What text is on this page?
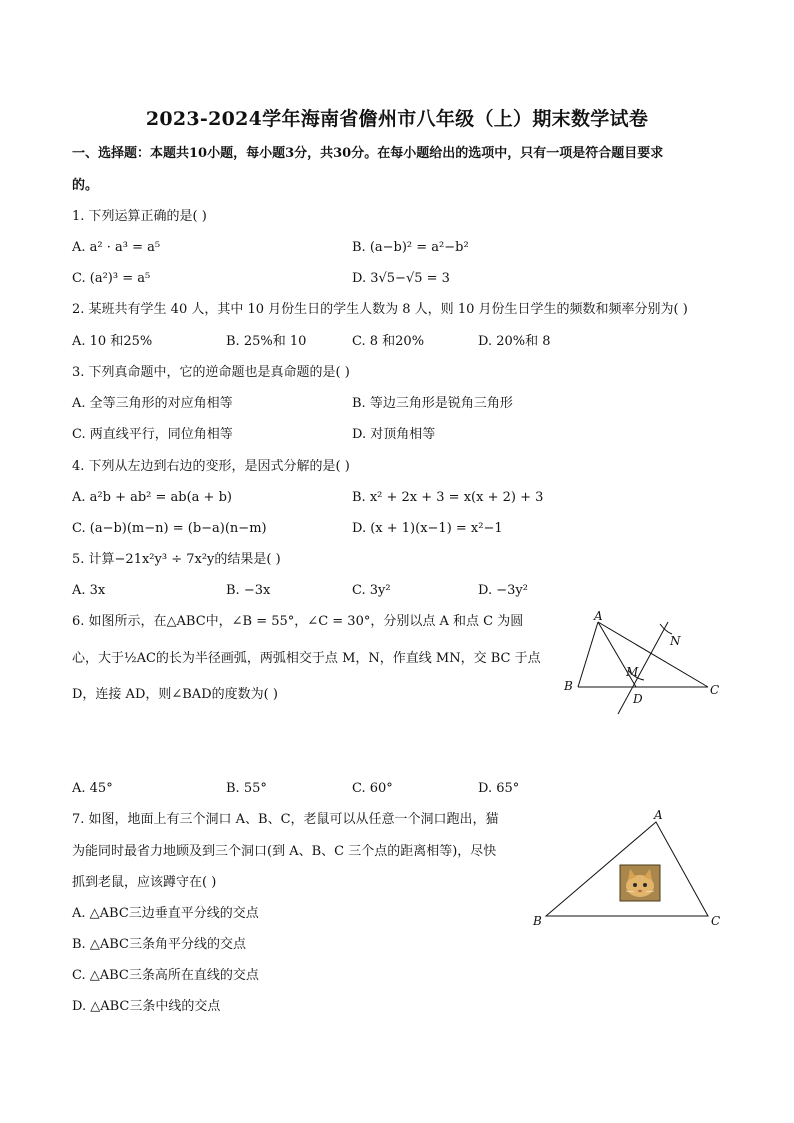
2023-2024学年海南省儋州市八年级（上）期末数学试卷
一、选择题：本题共10小题，每小题3分，共30分。在每小题给出的选项中，只有一项是符合题目要求
的。
1. 下列运算正确的是( )
A. a² · a³ = a⁵	B. (a−b)² = a²−b²
C. (a²)³ = a⁵	D. 3√5−√5 = 3
2. 某班共有学生 40 人，其中 10 月份生日的学生人数为 8 人，则 10 月份生日学生的频数和频率分别为( )
A. 10 和25%	B. 25%和 10	C. 8 和20%	D. 20%和 8
3. 下列真命题中，它的逆命题也是真命题的是( )
A. 全等三角形的对应角相等	B. 等边三角形是锐角三角形
C. 两直线平行，同位角相等	D. 对顶角相等
4. 下列从左边到右边的变形，是因式分解的是( )
A. a²b + ab² = ab(a + b)	B. x² + 2x + 3 = x(x + 2) + 3
C. (a−b)(m−n) = (b−a)(n−m)	D. (x + 1)(x−1) = x²−1
5. 计算−21x²y³ ÷ 7x²y的结果是( )
A. 3x	B. −3x	C. 3y²	D. −3y²
6. 如图所示，在△ABC中，∠B = 55°，∠C = 30°，分别以点 A 和点 C 为圆
心，大于½AC的长为半径画弧，两弧相交于点 M，N，作直线 MN，交 BC 于点
D，连接 AD，则∠BAD的度数为( )
A
B	C
D
M
N
A. 45°	B. 55°	C. 60°	D. 65°
7. 如图，地面上有三个洞口 A、B、C，老鼠可以从任意一个洞口跑出，猫
为能同时最省力地顾及到三个洞口(到 A、B、C 三个点的距离相等)，尽快
抓到老鼠，应该蹲守在( )
A. △ABC三边垂直平分线的交点
B. △ABC三条角平分线的交点
C. △ABC三条高所在直线的交点
D. △ABC三条中线的交点
A
B	C
